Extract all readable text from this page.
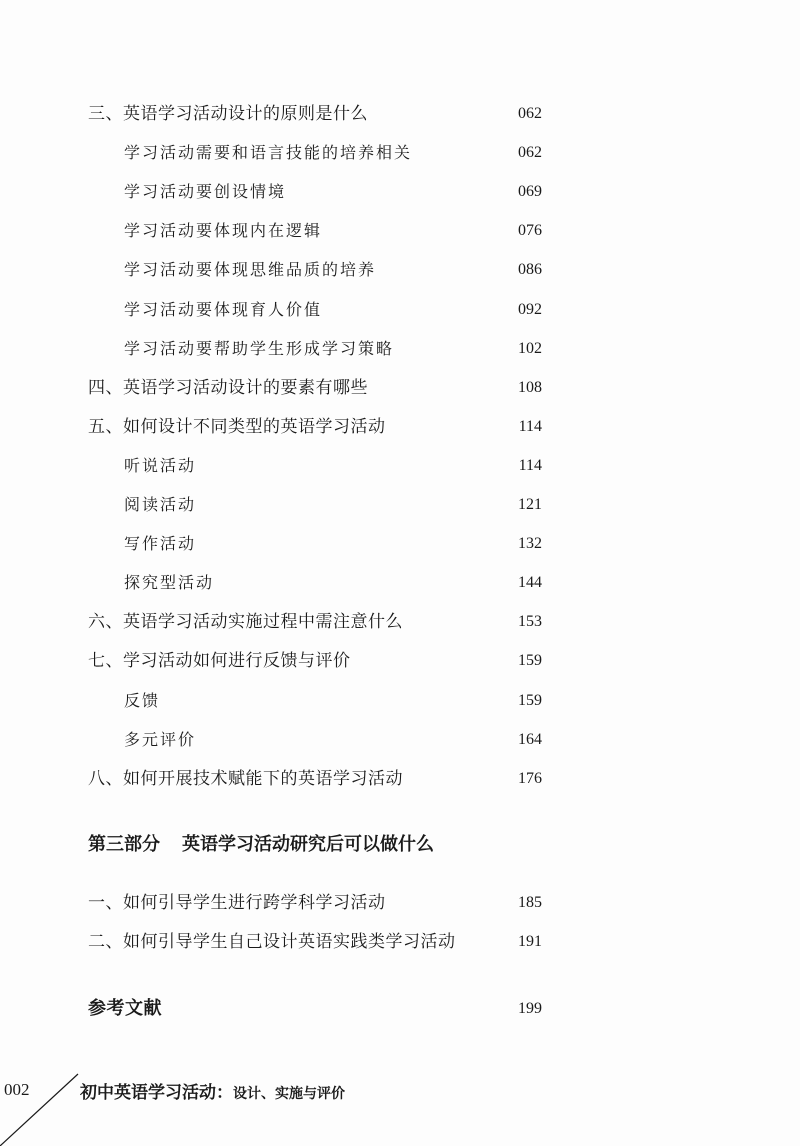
三、英语学习活动设计的原则是什么	062
学习活动需要和语言技能的培养相关	062
学习活动要创设情境	069
学习活动要体现内在逻辑	076
学习活动要体现思维品质的培养	086
学习活动要体现育人价值	092
学习活动要帮助学生形成学习策略	102
四、英语学习活动设计的要素有哪些	108
五、如何设计不同类型的英语学习活动	114
听说活动	114
阅读活动	121
写作活动	132
探究型活动	144
六、英语学习活动实施过程中需注意什么	153
七、学习活动如何进行反馈与评价	159
反馈	159
多元评价	164
八、如何开展技术赋能下的英语学习活动	176
第三部分 英语学习活动研究后可以做什么
一、如何引导学生进行跨学科学习活动	185
二、如何引导学生自己设计英语实践类学习活动	191
参考文献	199
002	初中英语学习活动：设计、实施与评价
